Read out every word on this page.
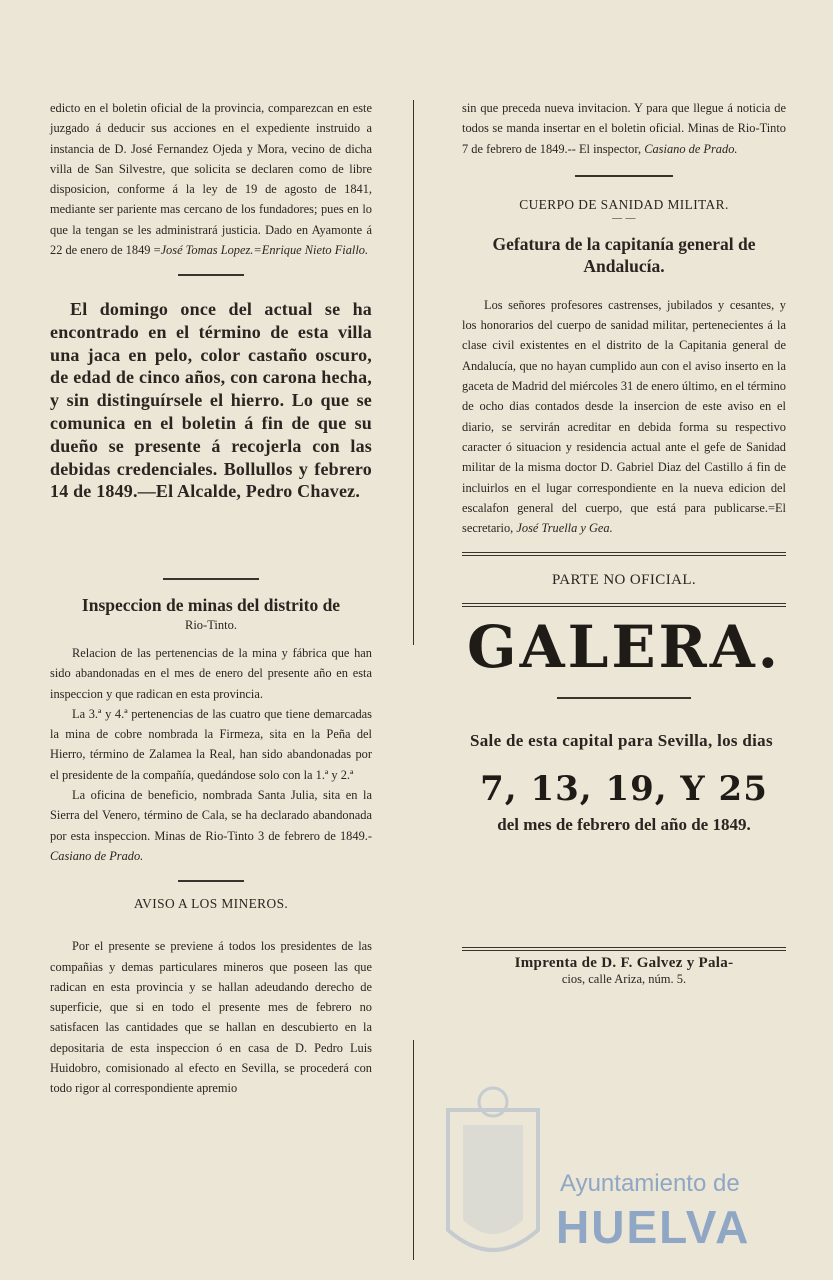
edicto en el boletin oficial de la provincia, comparezcan en este juzgado á deducir sus acciones en el expediente instruido a instancia de D. José Fernandez Ojeda y Mora, vecino de dicha villa de San Silvestre, que solicita se declaren como de libre disposicion, conforme á la ley de 19 de agosto de 1841, mediante ser pariente mas cercano de los fundadores; pues en lo que la tengan se les administrará justicia. Dado en Ayamonte á 22 de enero de 1849 =José Tomas Lopez.=Enrique Nieto Fiallo.

El domingo once del actual se ha encontrado en el término de esta villa una jaca en pelo, color castaño oscuro, de edad de cinco años, con carona hecha, y sin distinguírsele el hierro. Lo que se comunica en el boletin á fin de que su dueño se presente á recojerla con las debidas credenciales. Bollullos y febrero 14 de 1849.—El Alcalde, Pedro Chavez.

Inspeccion de minas del distrito de

Rio-Tinto.

Relacion de las pertenencias de la mina y fábrica que han sido abandonadas en el mes de enero del presente año en esta inspeccion y que radican en esta provincia.

La 3.ª y 4.ª pertenencias de las cuatro que tiene demarcadas la mina de cobre nombrada la Firmeza, sita en la Peña del Hierro, término de Zalamea la Real, han sido abandonadas por el presidente de la compañía, quedándose solo con la 1.ª y 2.ª

La oficina de beneficio, nombrada Santa Julia, sita en la Sierra del Venero, término de Cala, se ha declarado abandonada por esta inspeccion. Minas de Rio-Tinto 3 de febrero de 1849.-Casiano de Prado.

AVISO A LOS MINEROS.

Por el presente se previene á todos los presidentes de las compañias y demas particulares mineros que poseen las que radican en esta provincia y se hallan adeudando derecho de superficie, que si en todo el presente mes de febrero no satisfacen las cantidades que se hallan en descubierto en la depositaria de esta inspeccion ó en casa de D. Pedro Luis Huidobro, comisionado al efecto en Sevilla, se procederá con todo rigor al correspondiente apremio

sin que preceda nueva invitacion. Y para que llegue á noticia de todos se manda insertar en el boletin oficial. Minas de Rio-Tinto 7 de febrero de 1849.-- El inspector, Casiano de Prado.

CUERPO DE SANIDAD MILITAR.

— —

Gefatura de la capitanía general de Andalucía.

Los señores profesores castrenses, jubilados y cesantes, y los honorarios del cuerpo de sanidad militar, pertenecientes á la clase civil existentes en el distrito de la Capitania general de Andalucía, que no hayan cumplido aun con el aviso inserto en la gaceta de Madrid del miércoles 31 de enero último, en el término de ocho dias contados desde la insercion de este aviso en el diario, se servirán acreditar en debida forma su respectivo caracter ó situacion y residencia actual ante el gefe de Sanidad militar de la misma doctor D. Gabriel Diaz del Castillo á fin de incluirlos en el lugar correspondiente en la nueva edicion del escalafon general del cuerpo, que está para publicarse.=El secretario, José Truella y Gea.

PARTE NO OFICIAL.

GALERA.

Sale de esta capital para Sevilla, los dias

7, 13, 19, Y 25

del mes de febrero del año de 1849.

Imprenta de D. F. Galvez y Pala-

cios, calle Ariza, núm. 5.

Ayuntamiento de
HUELVA
